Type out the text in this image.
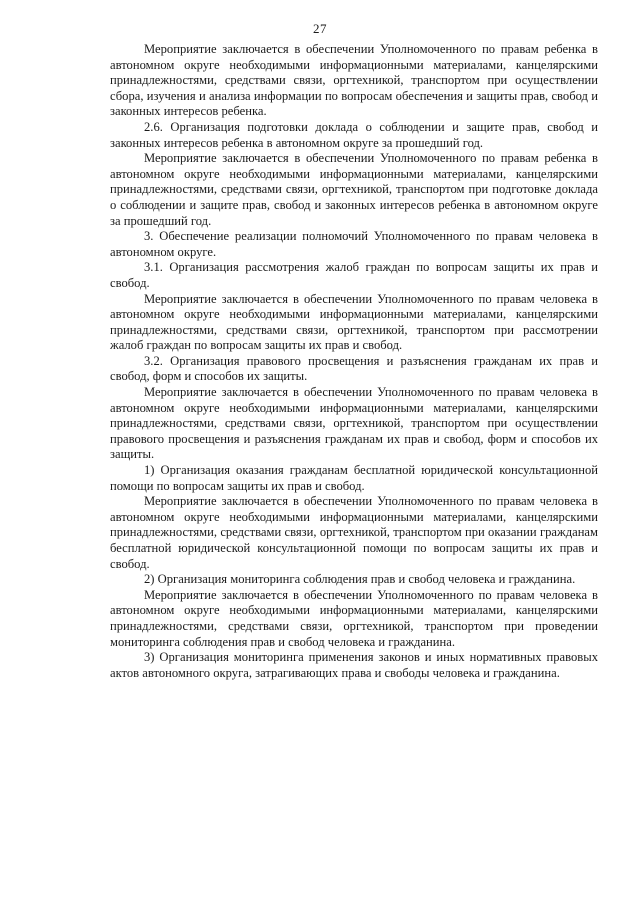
27

Мероприятие заключается в обеспечении Уполномоченного по правам ребенка в автономном округе необходимыми информационными материалами, канцелярскими принадлежностями, средствами связи, оргтехникой, транспортом при осуществлении сбора, изучения и анализа информации по вопросам обеспечения и защиты прав, свобод и законных интересов ребенка.

2.6. Организация подготовки доклада о соблюдении и защите прав, свобод и законных интересов ребенка в автономном округе за прошедший год.

Мероприятие заключается в обеспечении Уполномоченного по правам ребенка в автономном округе необходимыми информационными материалами, канцелярскими принадлежностями, средствами связи, оргтехникой, транспортом при подготовке доклада о соблюдении и защите прав, свобод и законных интересов ребенка в автономном округе за прошедший год.

3. Обеспечение реализации полномочий Уполномоченного по правам человека в автономном округе.

3.1. Организация рассмотрения жалоб граждан по вопросам защиты их прав и свобод.

Мероприятие заключается в обеспечении Уполномоченного по правам человека в автономном округе необходимыми информационными материалами, канцелярскими принадлежностями, средствами связи, оргтехникой, транспортом при рассмотрении жалоб граждан по вопросам защиты их прав и свобод.

3.2. Организация правового просвещения и разъяснения гражданам их прав и свобод, форм и способов их защиты.

Мероприятие заключается в обеспечении Уполномоченного по правам человека в автономном округе необходимыми информационными материалами, канцелярскими принадлежностями, средствами связи, оргтехникой, транспортом при осуществлении правового просвещения и разъяснения гражданам их прав и свобод, форм и способов их защиты.

1) Организация оказания гражданам бесплатной юридической консультационной помощи по вопросам защиты их прав и свобод.

Мероприятие заключается в обеспечении Уполномоченного по правам человека в автономном округе необходимыми информационными материалами, канцелярскими принадлежностями, средствами связи, оргтехникой, транспортом при оказании гражданам бесплатной юридической консультационной помощи по вопросам защиты их прав и свобод.

2) Организация мониторинга соблюдения прав и свобод человека и гражданина.

Мероприятие заключается в обеспечении Уполномоченного по правам человека в автономном округе необходимыми информационными материалами, канцелярскими принадлежностями, средствами связи, оргтехникой, транспортом при проведении мониторинга соблюдения прав и свобод человека и гражданина.

3) Организация мониторинга применения законов и иных нормативных правовых актов автономного округа, затрагивающих права и свободы человека и гражданина.
